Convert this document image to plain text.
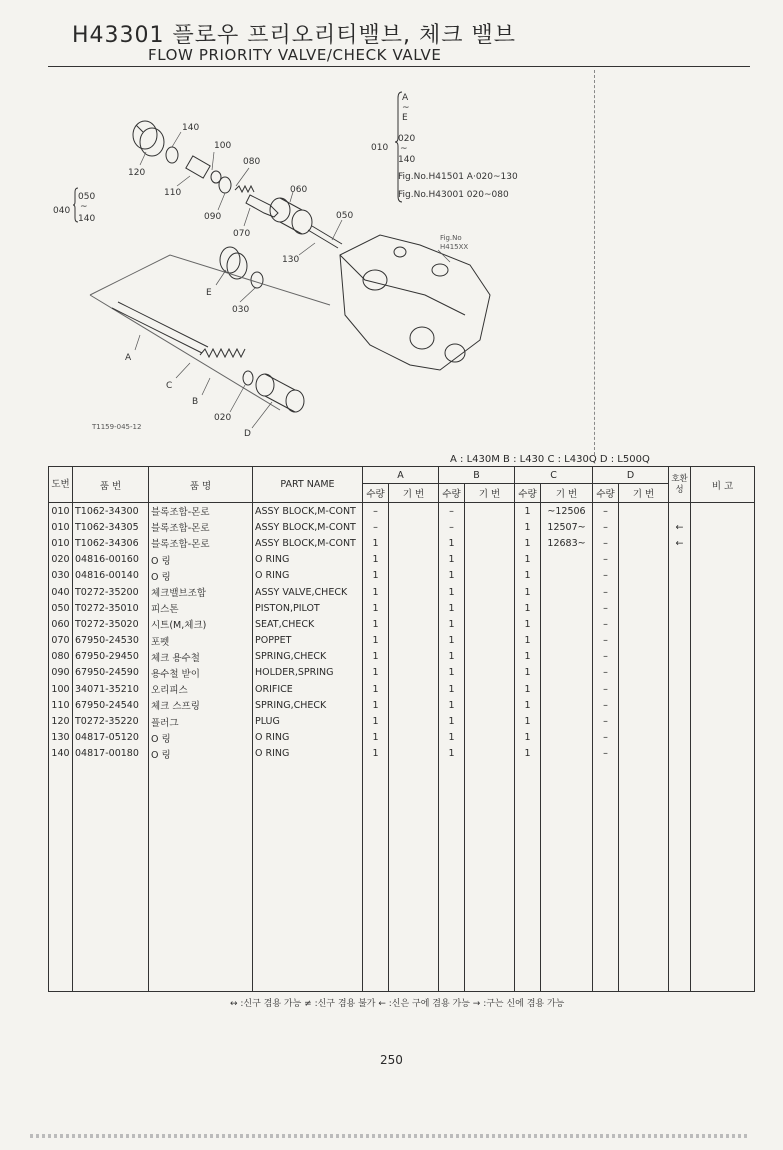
H43301 플로우 프리오리티밸브, 체크 밸브
FLOW PRIORITY VALVE/CHECK VALVE
140
100
080
120
110	060
090
070
050
130
E
030
A
C
B
020
D
010
A
~
E
020
~
140
Fig.No.H41501 A·020~130
Fig.No.H43001 020~080
Fig.No
H415XX
040
050
~
140
T1159-045-12
A : L430M B : L430 C : L430Q D : L500Q
도번	품 번	품 명	PART NAME	A		B		C		D		호환성	비 고
				수량	기 번	수량	기 번	수량	기 번	수량	기 번		
010	T1062-34300	블록조합-몬로	ASSY BLOCK,M-CONT	–		–		1	~12506	–			
010	T1062-34305	블록조합-몬로	ASSY BLOCK,M-CONT	–		–		1	12507~	–		←	
010	T1062-34306	블록조합-몬로	ASSY BLOCK,M-CONT	1		1		1	12683~	–		←	
020	04816-00160	O 링	O RING	1		1		1		–			
030	04816-00140	O 링	O RING	1		1		1		–			
040	T0272-35200	체크밸브조합	ASSY VALVE,CHECK	1		1		1		–			
050	T0272-35010	피스톤	PISTON,PILOT	1		1		1		–			
060	T0272-35020	시트(M,체크)	SEAT,CHECK	1		1		1		–			
070	67950-24530	포펫	POPPET	1		1		1		–			
080	67950-29450	체크 용수철	SPRING,CHECK	1		1		1		–			
090	67950-24590	용수철 받이	HOLDER,SPRING	1		1		1		–			
100	34071-35210	오리피스	ORIFICE	1		1		1		–			
110	67950-24540	체크 스프링	SPRING,CHECK	1		1		1		–			
120	T0272-35220	플러그	PLUG	1		1		1		–			
130	04817-05120	O 링	O RING	1		1		1		–			
140	04817-00180	O 링	O RING	1		1		1		–			

↔ :신구 겸용 가능 ≠ :신구 겸용 불가 ← :신은 구에 겸용 가능 → :구는 신에 겸용 가능
250
